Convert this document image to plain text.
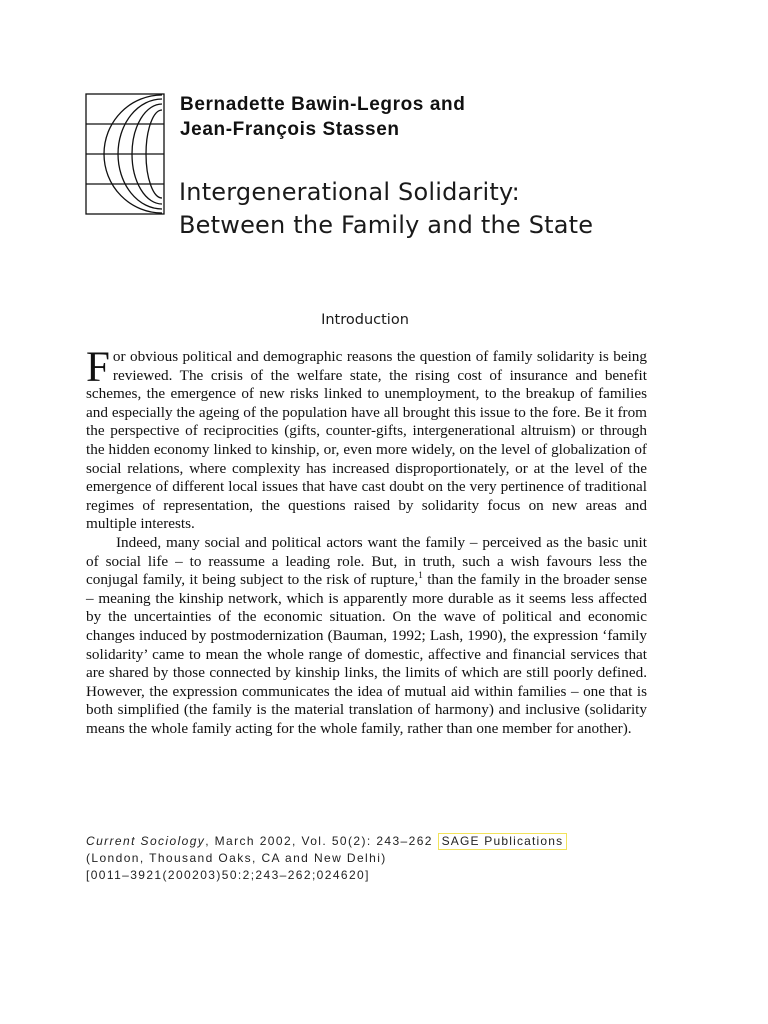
Bernadette Bawin-Legros and
Jean-François Stassen
Intergenerational Solidarity:
Between the Family and the State
Introduction

For obvious political and demographic reasons the question of family solidarity is being reviewed. The crisis of the welfare state, the rising cost of insurance and benefit schemes, the emergence of new risks linked to unemployment, to the breakup of families and especially the ageing of the population have all brought this issue to the fore. Be it from the perspective of reciprocities (gifts, counter-gifts, intergenerational altruism) or through the hidden economy linked to kinship, or, even more widely, on the level of globalization of social relations, where complexity has increased disproportionately, or at the level of the emergence of different local issues that have cast doubt on the very pertinence of traditional regimes of representation, the questions raised by solidarity focus on new areas and multiple interests.

Indeed, many social and political actors want the family – perceived as the basic unit of social life – to reassume a leading role. But, in truth, such a wish favours less the conjugal family, it being subject to the risk of rupture,$^1$ than the family in the broader sense – meaning the kinship network, which is apparently more durable as it seems less affected by the uncertainties of the economic situation. On the wave of political and economic changes induced by postmodernization (Bauman, 1992; Lash, 1990), the expression ‘family solidarity’ came to mean the whole range of domestic, affective and financial services that are shared by those connected by kinship links, the limits of which are still poorly defined. However, the expression communicates the idea of mutual aid within families – one that is both simplified (the family is the material translation of harmony) and inclusive (solidarity means the whole family acting for the whole family, rather than one member for another).

Current Sociology, March 2002, Vol. 50(2): 243–262 SAGE Publications
(London, Thousand Oaks, CA and New Delhi)
[0011–3921(200203)50:2;243–262;024620]
